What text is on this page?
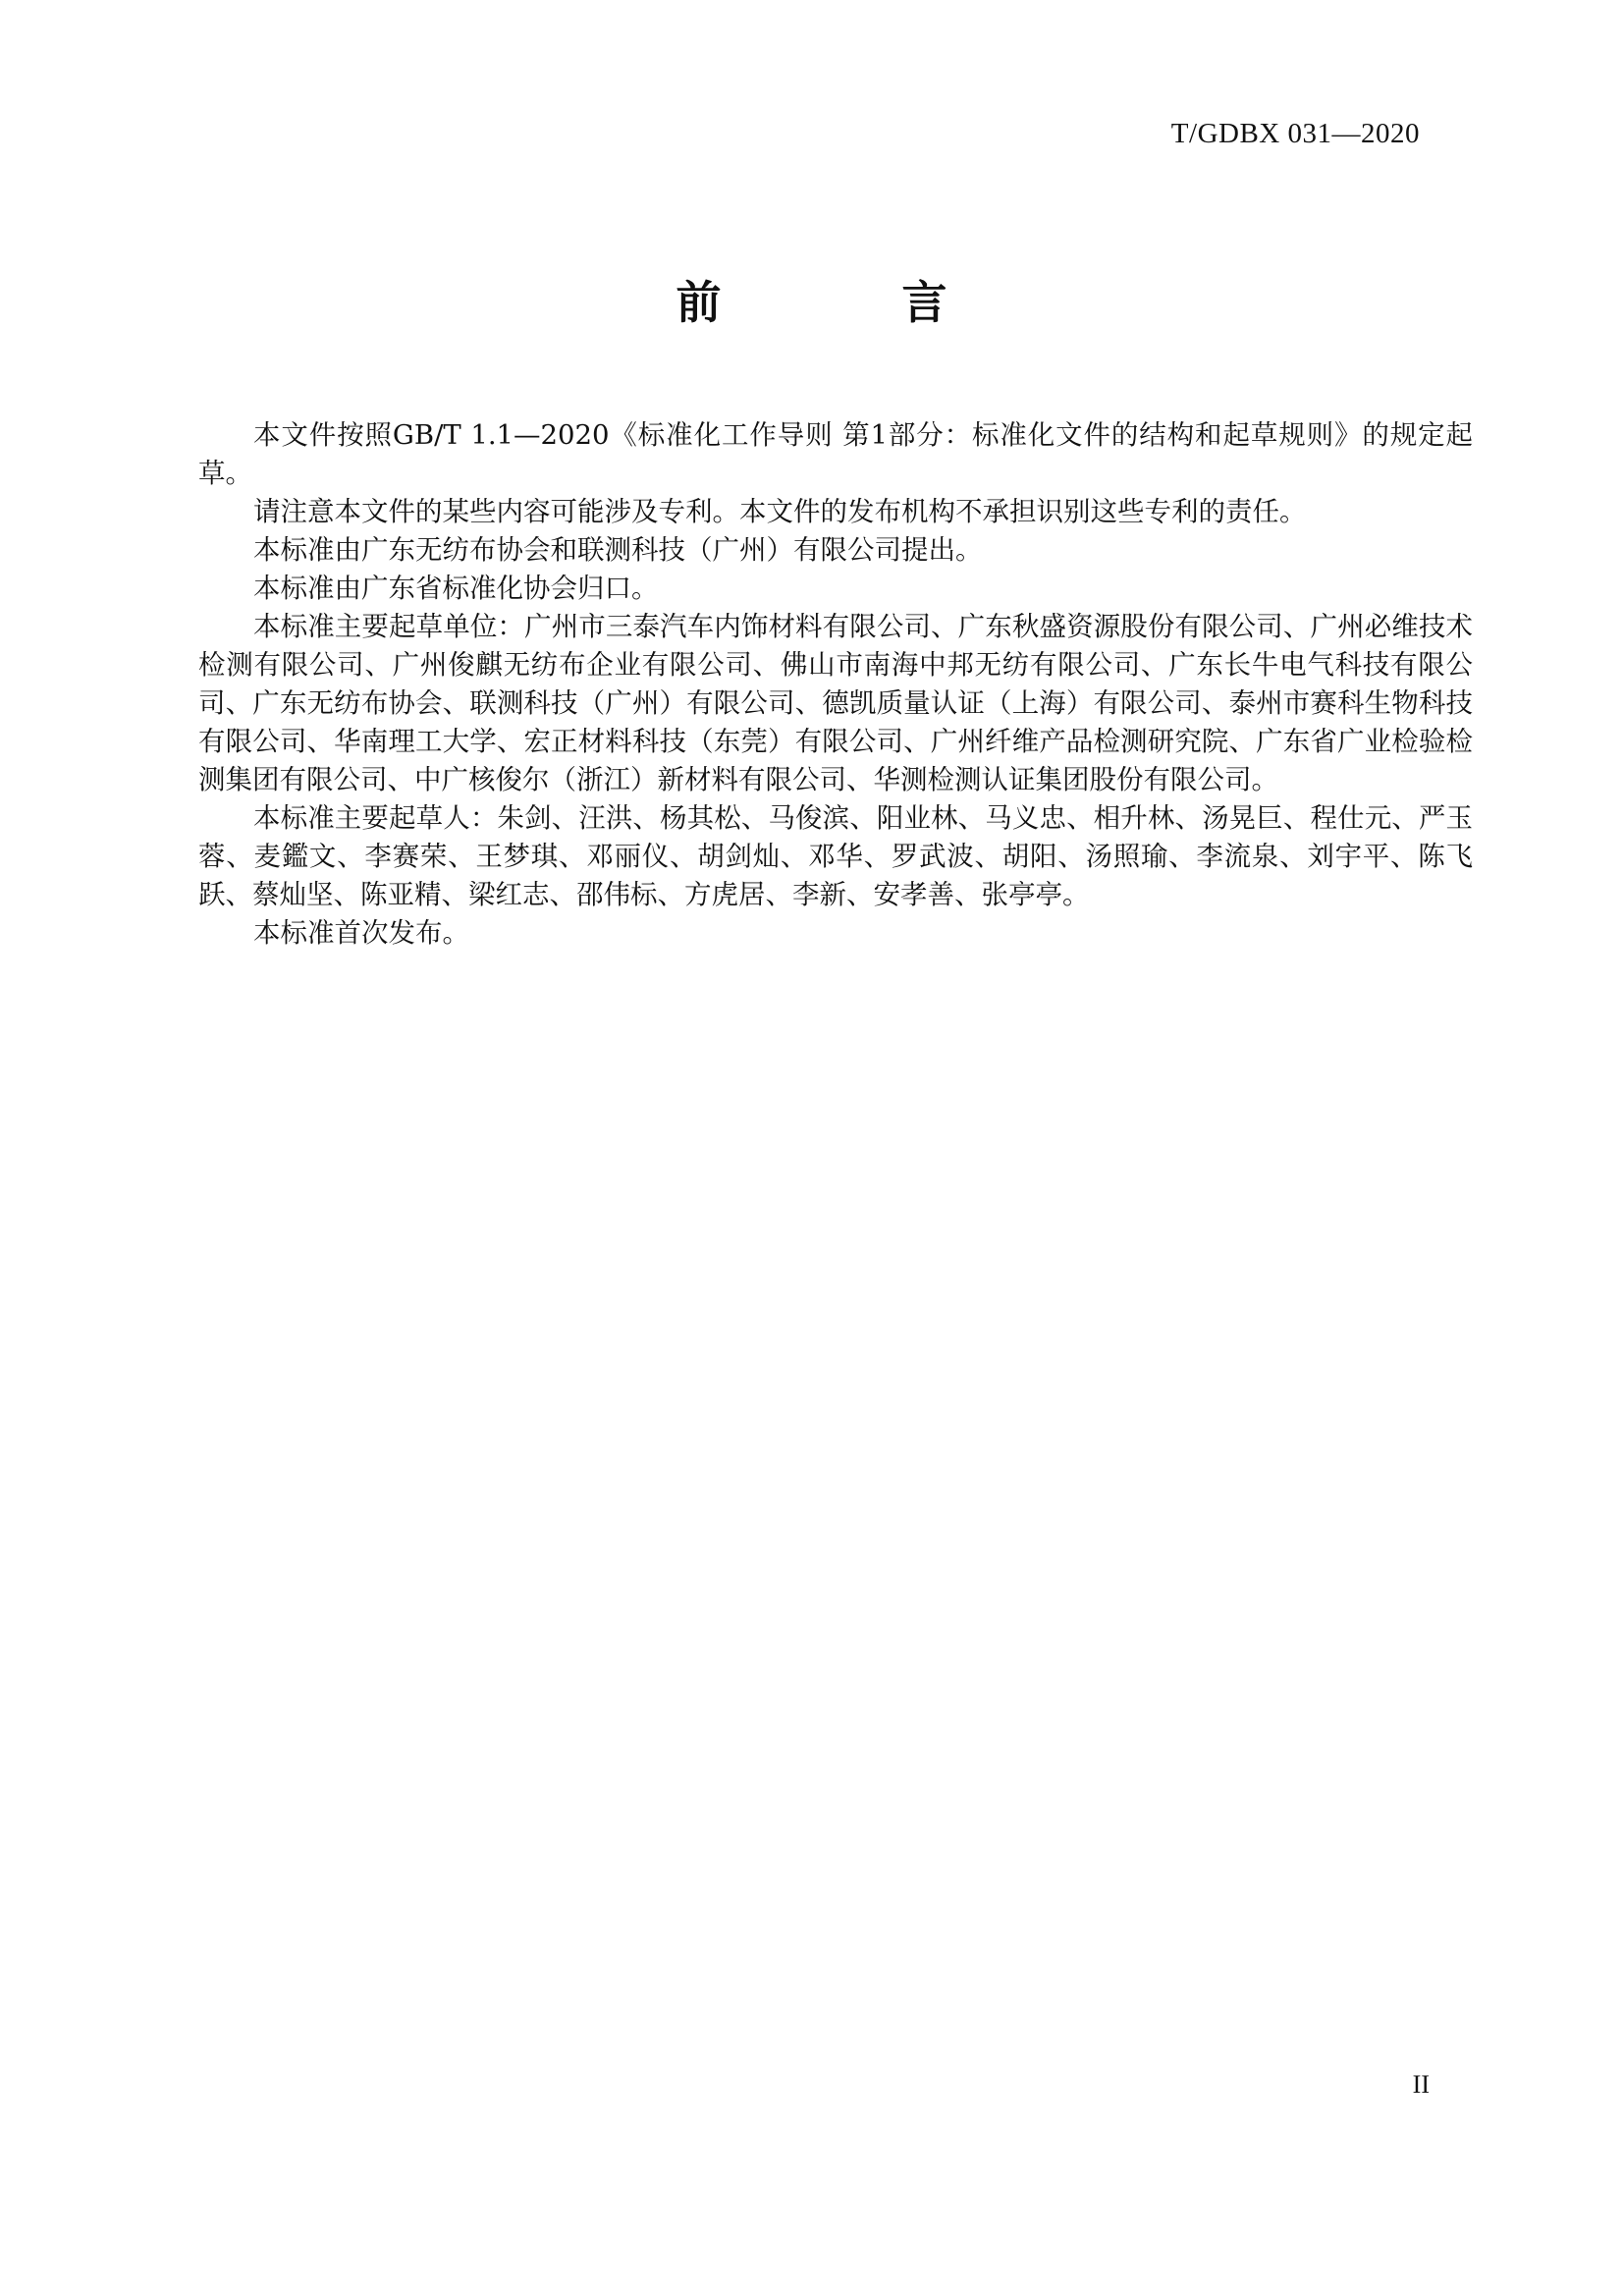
T/GDBX 031—2020
前 言

本文件按照GB/T 1.1—2020《标准化工作导则 第1部分：标准化文件的结构和起草规则》的规定起草。

请注意本文件的某些内容可能涉及专利。本文件的发布机构不承担识别这些专利的责任。

本标准由广东无纺布协会和联测科技（广州）有限公司提出。

本标准由广东省标准化协会归口。

本标准主要起草单位：广州市三泰汽车内饰材料有限公司、广东秋盛资源股份有限公司、广州必维技术检测有限公司、广州俊麒无纺布企业有限公司、佛山市南海中邦无纺有限公司、广东长牛电气科技有限公司、广东无纺布协会、联测科技（广州）有限公司、德凯质量认证（上海）有限公司、泰州市赛科生物科技有限公司、华南理工大学、宏正材料科技（东莞）有限公司、广州纤维产品检测研究院、广东省广业检验检测集团有限公司、中广核俊尔（浙江）新材料有限公司、华测检测认证集团股份有限公司。

本标准主要起草人：朱剑、汪洪、杨其松、马俊滨、阳业林、马义忠、相升林、汤晃巨、程仕元、严玉蓉、麦鑑文、李赛荣、王梦琪、邓丽仪、胡剑灿、邓华、罗武波、胡阳、汤照瑜、李流泉、刘宇平、陈飞跃、蔡灿坚、陈亚精、梁红志、邵伟标、方虎居、李新、安孝善、张亭亭。

本标准首次发布。

II
